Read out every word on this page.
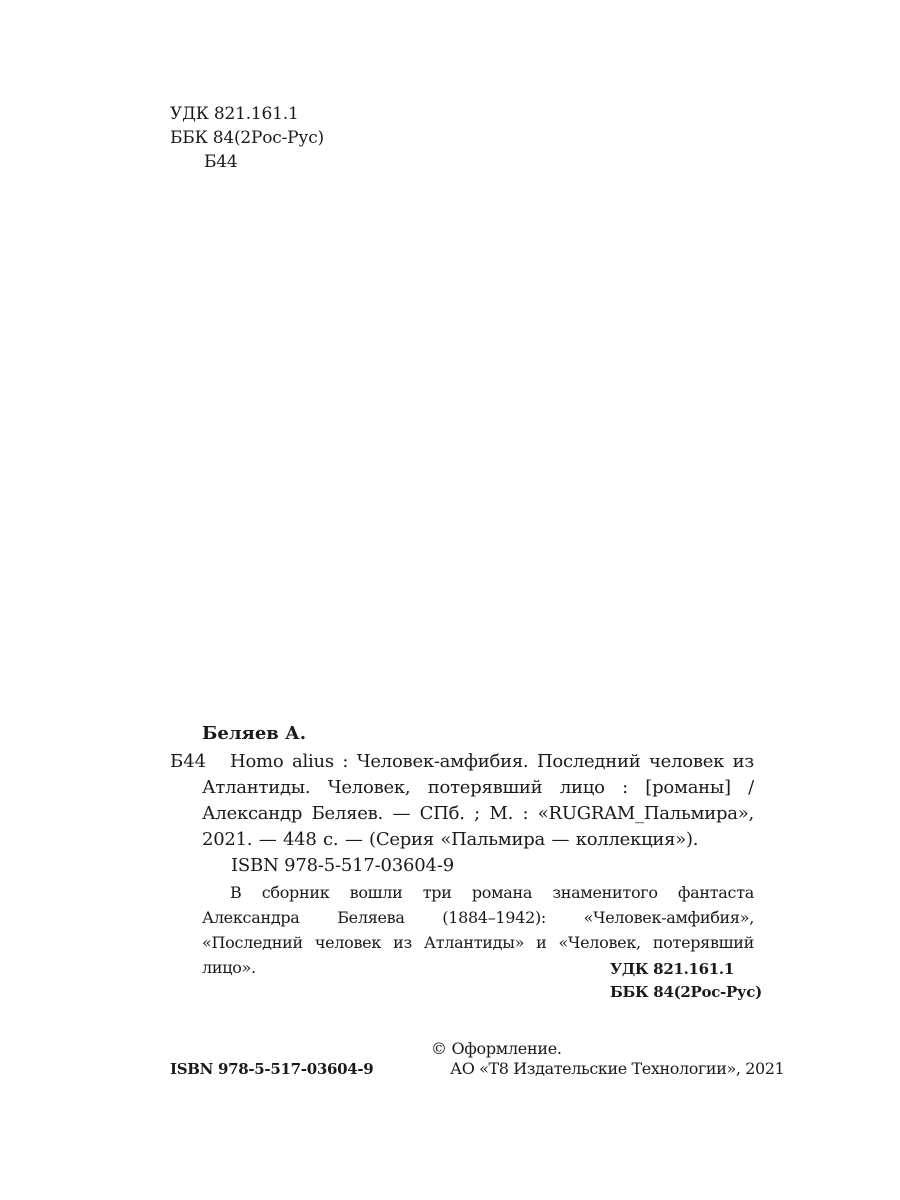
УДК 821.161.1
ББК 84(2Рос-Рус)
Б44
Беляев А.
Б44	Homo alius : Человек-амфибия. Последний человек из Атлантиды. Человек, потерявший лицо : [романы] / Александр Беляев. — СПб. ; М. : «RUGRAM_Пальмира», 2021. — 448 с. — (Серия «Пальмира — коллекция»).
ISBN 978-5-517-03604-9
В сборник вошли три романа знаменитого фантаста Александра Беляева (1884–1942): «Человек-амфибия», «Последний человек из Атлантиды» и «Человек, потерявший лицо».	УДК 821.161.1
ББК 84(2Рос-Рус)
© Оформление.
ISBN 978-5-517-03604-9	АО «Т8 Издательские Технологии», 2021
